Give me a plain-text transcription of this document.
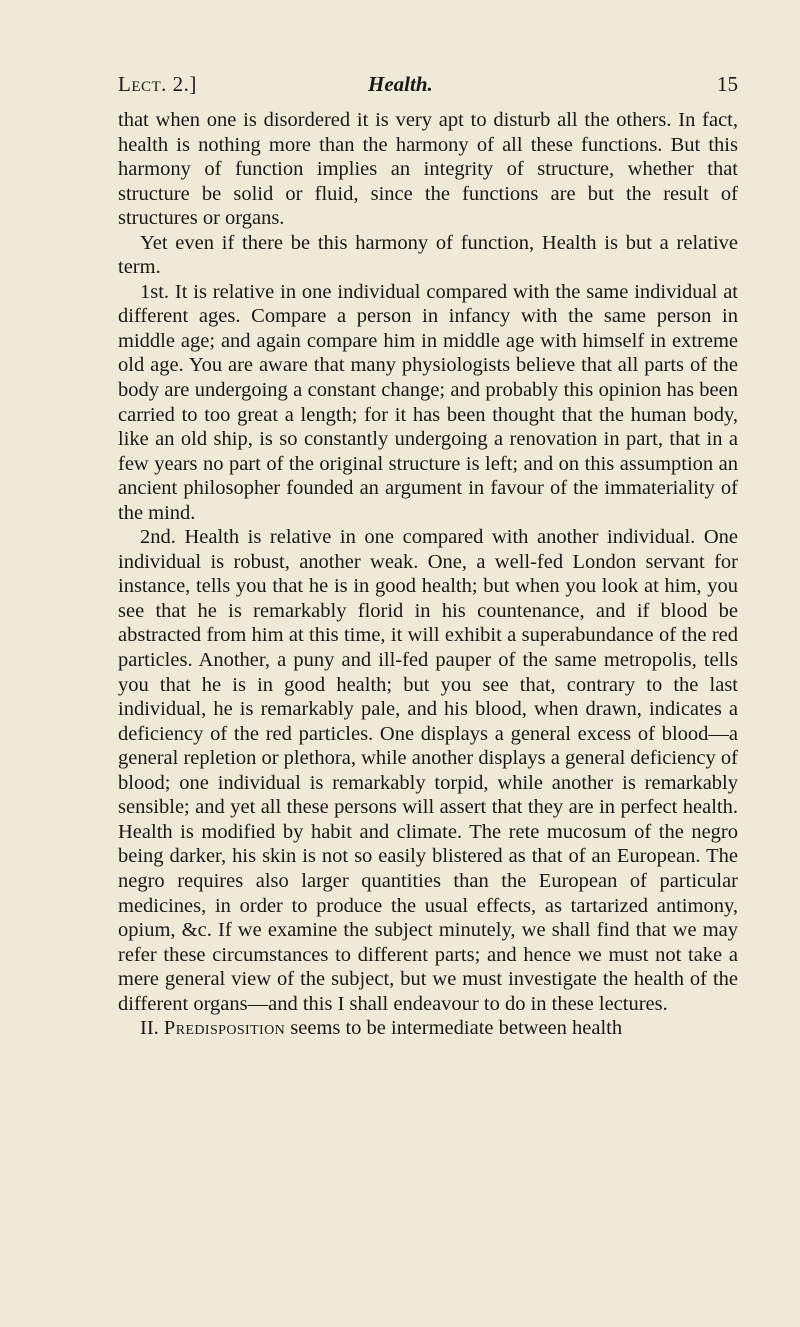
Lect. 2.]	Health.	15

that when one is disordered it is very apt to disturb all the others. In fact, health is nothing more than the harmony of all these functions. But this harmony of function implies an integrity of structure, whether that structure be solid or fluid, since the functions are but the result of structures or organs.

Yet even if there be this harmony of function, Health is but a relative term.

1st. It is relative in one individual compared with the same individual at different ages. Compare a person in infancy with the same person in middle age; and again compare him in middle age with himself in extreme old age. You are aware that many physiologists believe that all parts of the body are undergoing a constant change; and probably this opinion has been carried to too great a length; for it has been thought that the human body, like an old ship, is so constantly undergoing a renovation in part, that in a few years no part of the original structure is left; and on this assumption an ancient philosopher founded an argument in favour of the immateriality of the mind.

2nd. Health is relative in one compared with another individual. One individual is robust, another weak. One, a well-fed London servant for instance, tells you that he is in good health; but when you look at him, you see that he is remarkably florid in his countenance, and if blood be abstracted from him at this time, it will exhibit a superabundance of the red particles. Another, a puny and ill-fed pauper of the same metropolis, tells you that he is in good health; but you see that, contrary to the last individual, he is remarkably pale, and his blood, when drawn, indicates a deficiency of the red particles. One displays a general excess of blood—a general repletion or plethora, while another displays a general deficiency of blood; one individual is remarkably torpid, while another is remarkably sensible; and yet all these persons will assert that they are in perfect health. Health is modified by habit and climate. The rete mucosum of the negro being darker, his skin is not so easily blistered as that of an European. The negro requires also larger quantities than the European of particular medicines, in order to produce the usual effects, as tartarized antimony, opium, &c. If we examine the subject minutely, we shall find that we may refer these circumstances to different parts; and hence we must not take a mere general view of the subject, but we must investigate the health of the different organs—and this I shall endeavour to do in these lectures.

II. Predisposition seems to be intermediate between health
